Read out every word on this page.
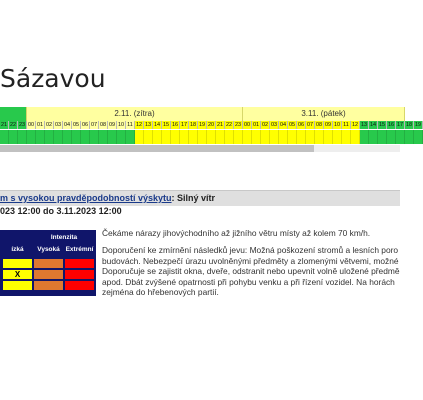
Sázavou
2.11. (zítra)	3.11. (pátek)
21 22 23 00 01 02 03 04 05 06 07 08 09 10 11 12 13 14 15 16 17 18 19 20 21 22 23 00 01 02 03 04 05 06 07 08 09 10 11 12 13 14 15 16 17 18 19
m s vysokou pravděpodobností výskytu: Silný vítr
023 12:00 do 3.11.2023 12:00
Intenzita
ízká	Vysoká Extrémní
X

Čekáme nárazy jihovýchodního až jižního větru místy až kolem 70 km/h.

Doporučení ke zmírnění následků jevu: Možná poškození stromů a lesních poro
budovách. Nebezpečí úrazu uvolněnými předměty a zlomenými větvemi, možné
Doporučuje se zajistit okna, dveře, odstranit nebo upevnit volně uložené předmě
apod. Dbát zvýšené opatrnosti při pohybu venku a při řízení vozidel. Na horách
zejména do hřebenových partií.
